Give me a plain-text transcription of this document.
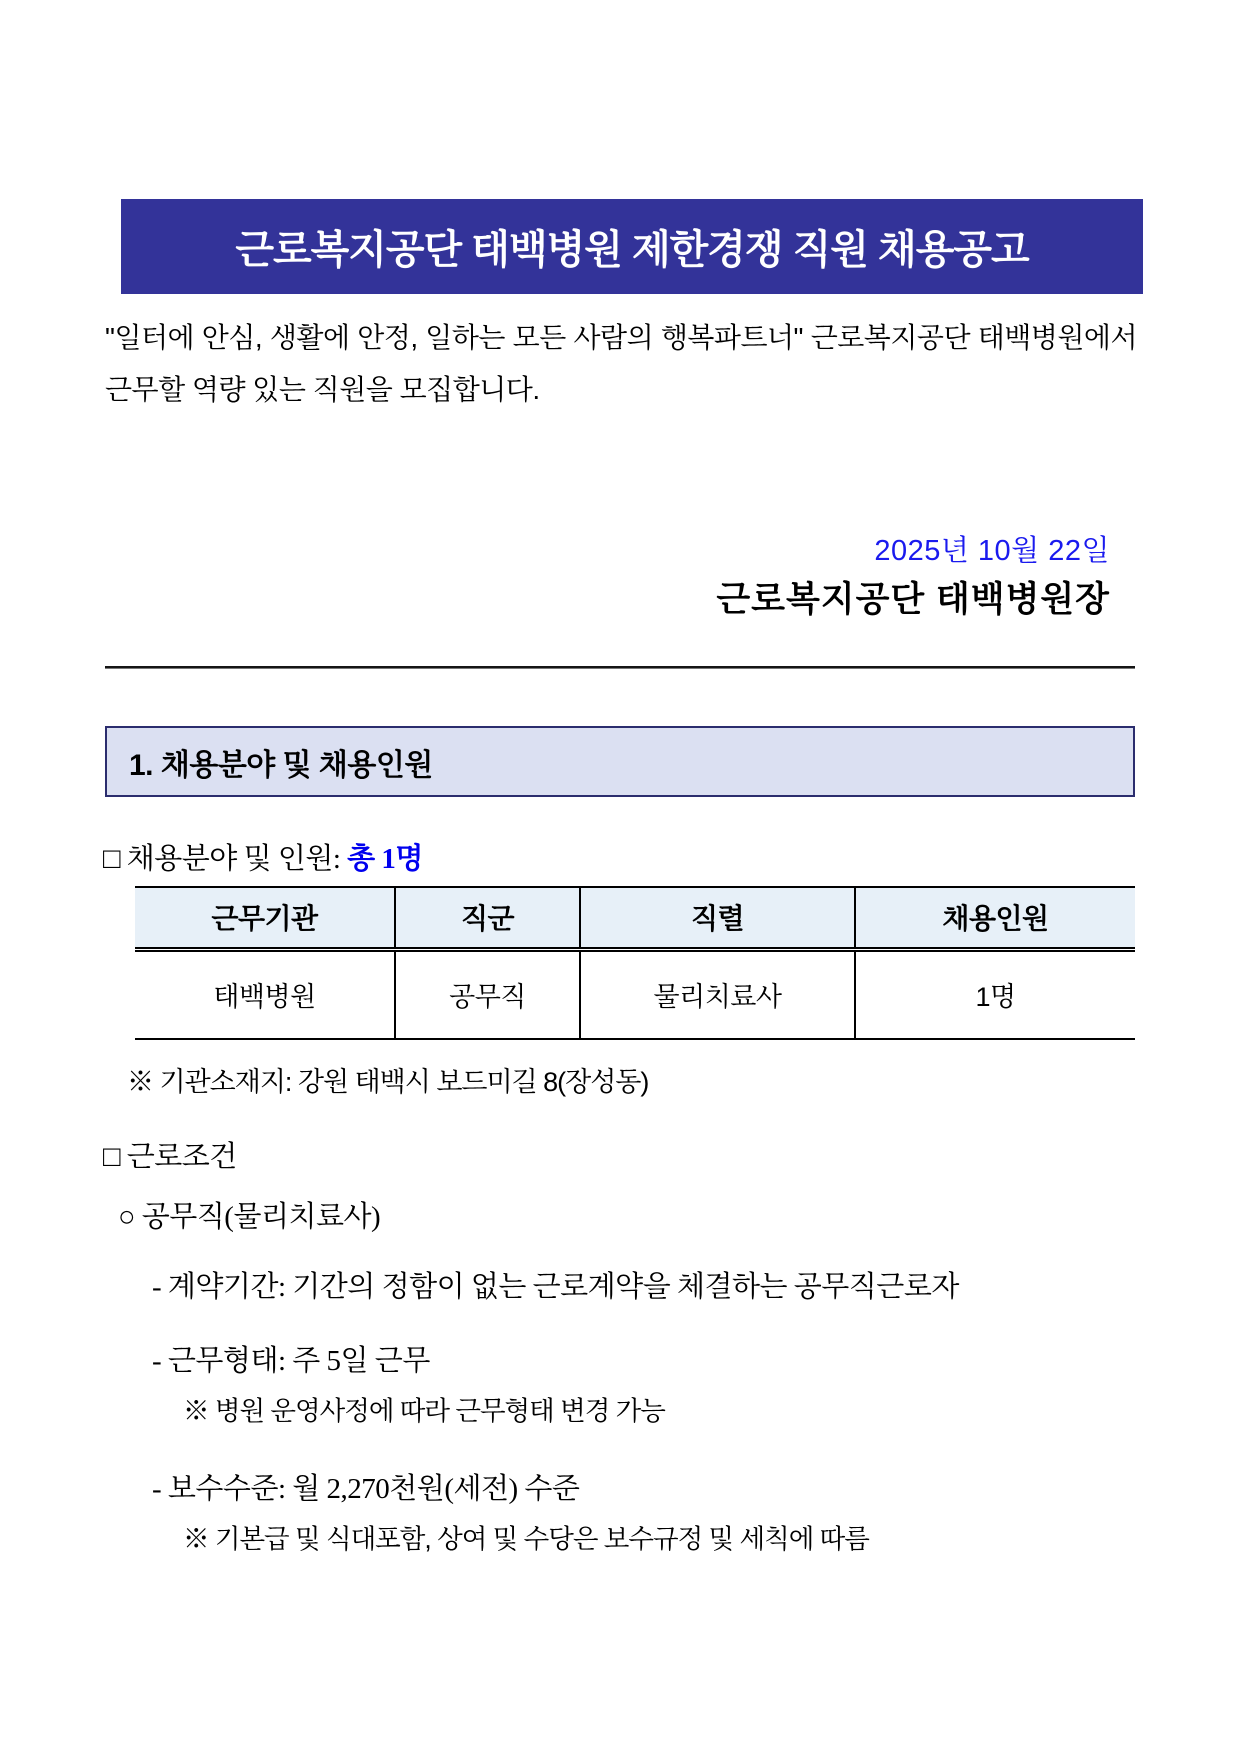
근로복지공단 태백병원 제한경쟁 직원 채용공고

"일터에 안심, 생활에 안정, 일하는 모든 사람의 행복파트너" 근로복지공단 태백병원에서 근무할 역량 있는 직원을 모집합니다.

2025년 10월 22일
근로복지공단 태백병원장
1. 채용분야 및 채용인원
□ 채용분야 및 인원: 총 1명
근무기관	직군	직렬	채용인원
태백병원	공무직	물리치료사	1명
※ 기관소재지: 강원 태백시 보드미길 8(장성동)
□ 근로조건
○ 공무직(물리치료사)
- 계약기간: 기간의 정함이 없는 근로계약을 체결하는 공무직근로자
- 근무형태: 주 5일 근무
※ 병원 운영사정에 따라 근무형태 변경 가능
- 보수수준: 월 2,270천원(세전) 수준
※ 기본급 및 식대포함, 상여 및 수당은 보수규정 및 세칙에 따름
